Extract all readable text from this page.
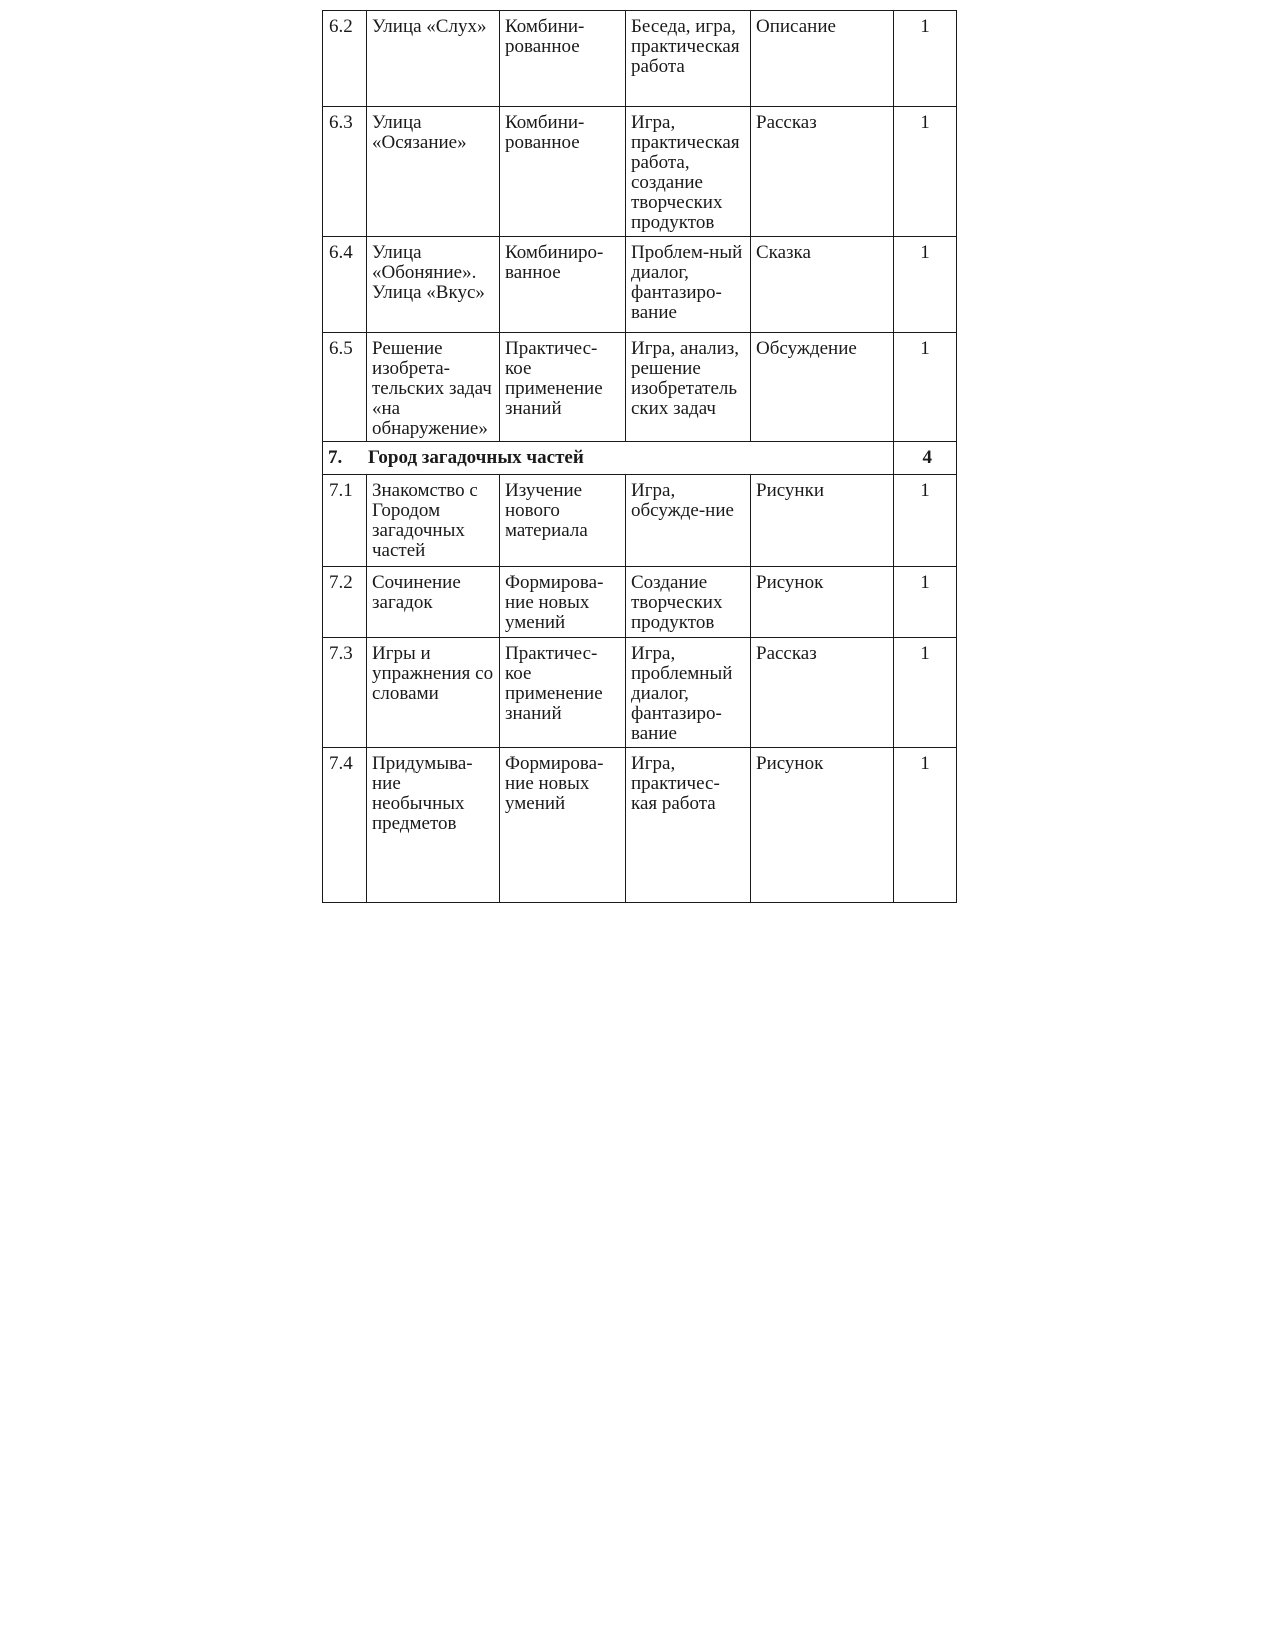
6.2	Улица «Слух»	Комбини-рованное	Беседа, игра, практическая работа	Описание	1
6.3	Улица «Осязание»	Комбини-рованное	Игра, практическая работа, создание творческих продуктов	Рассказ	1
6.4	Улица «Обоняние». Улица «Вкус»	Комбиниро-ванное	Проблем-ный диалог, фантазиро-вание	Сказка	1
6.5	Решение изобрета-тельских задач «на обнаружение»	Практичес-кое применение знаний	Игра, анализ, решение изобретательских задач	Обсуждение	1
7. Город загадочных частей					4
7.1	Знакомство с Городом загадочных частей	Изучение нового материала	Игра, обсужде-ние	Рисунки	1
7.2	Сочинение загадок	Формирова-ние новых умений	Создание творческих продуктов	Рисунок	1
7.3	Игры и упражнения со словами	Практичес-кое применение знаний	Игра, проблемный диалог, фантазиро-вание	Рассказ	1
7.4	Придумыва-ние необычных предметов	Формирова-ние новых умений	Игра, практичес-кая работа	Рисунок	1
